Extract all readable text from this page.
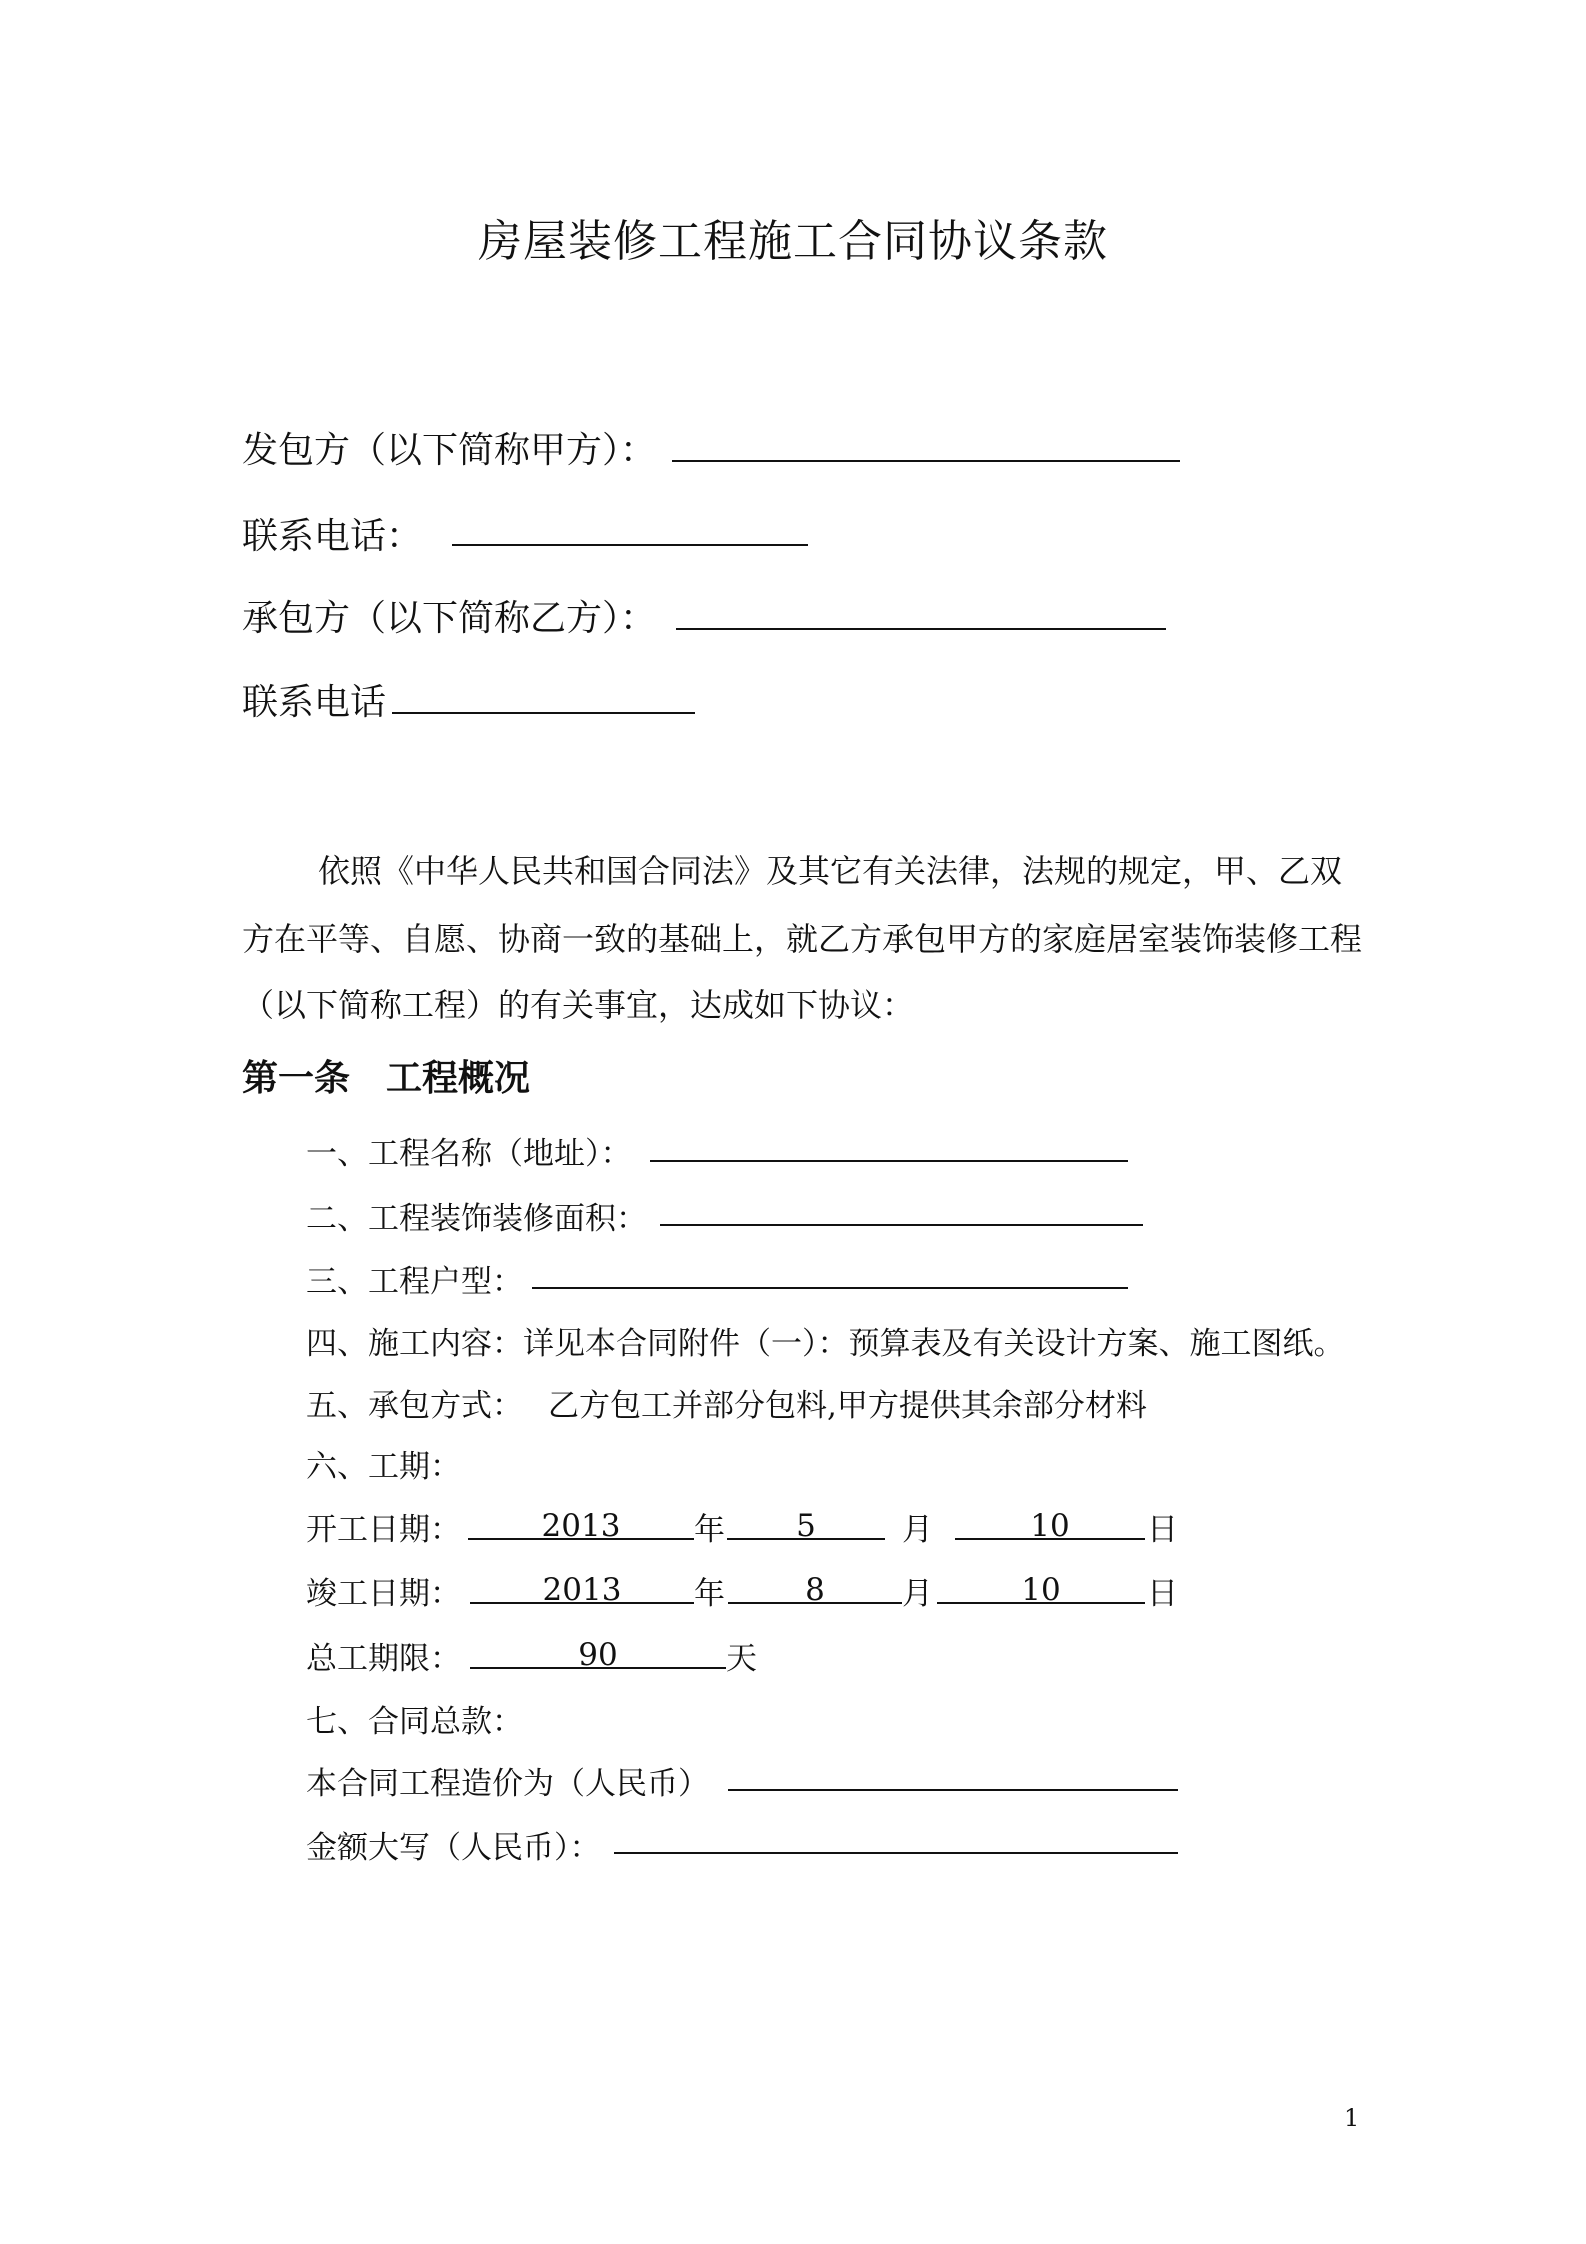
房屋装修工程施工合同协议条款
发包方（以下简称甲方）：
联系电话：
承包方（以下简称乙方）：
联系电话
依照《中华人民共和国合同法》及其它有关法律，法规的规定，甲、乙双
方在平等、自愿、协商一致的基础上，就乙方承包甲方的家庭居室装饰装修工程
（以下简称工程）的有关事宜，达成如下协议：
第一条　工程概况
一、工程名称（地址）：
二、工程装饰装修面积：
三、工程户型：
四、施工内容：详见本合同附件（一）：预算表及有关设计方案、施工图纸。
五、承包方式： 乙方包工并部分包料,甲方提供其余部分材料
六、工期：
开工日期：	2013	年	5	月	10	日
竣工日期：	2013	年	8	月	10	日
总工期限：	90	天
七、合同总款：
本合同工程造价为（人民币）
金额大写（人民币）：
1
